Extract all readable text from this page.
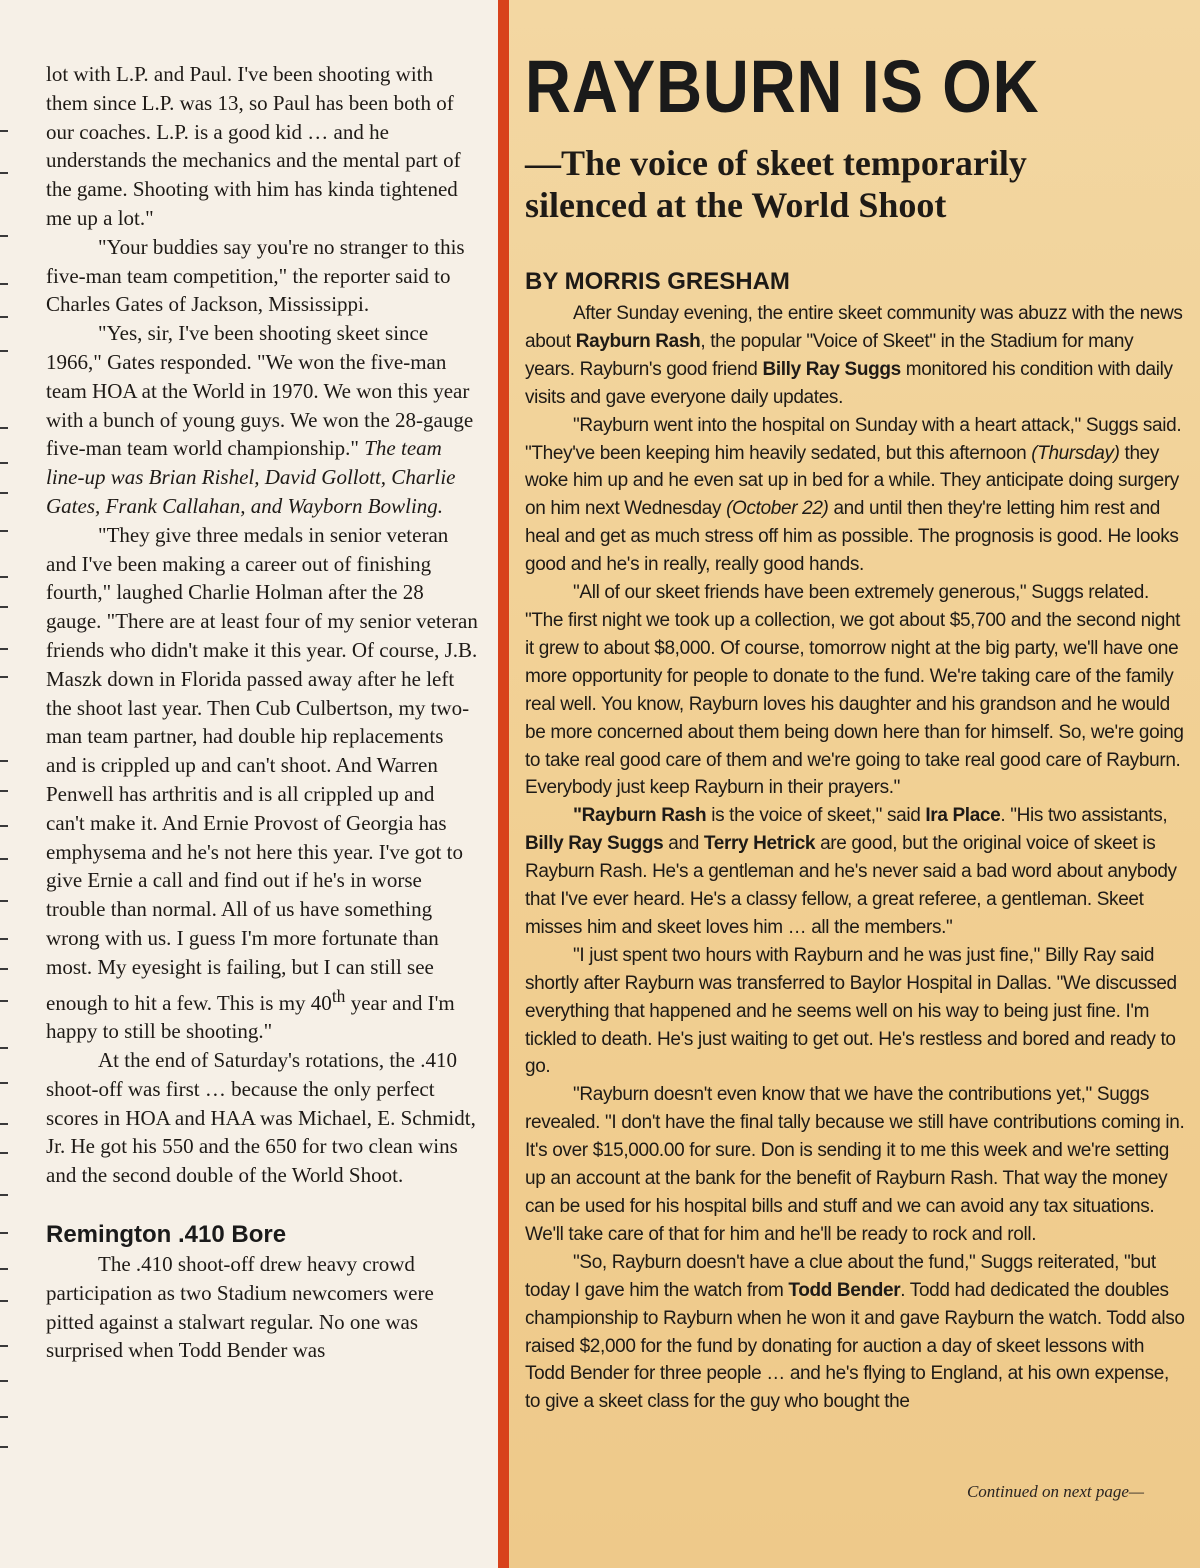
lot with L.P. and Paul. I've been shooting with them since L.P. was 13, so Paul has been both of our coaches. L.P. is a good kid … and he understands the mechanics and the mental part of the game. Shooting with him has kinda tightened me up a lot."

"Your buddies say you're no stranger to this five-man team competition," the reporter said to Charles Gates of Jackson, Mississippi.

"Yes, sir, I've been shooting skeet since 1966," Gates responded. "We won the five-man team HOA at the World in 1970. We won this year with a bunch of young guys. We won the 28-gauge five-man team world championship." The team line-up was Brian Rishel, David Gollott, Charlie Gates, Frank Callahan, and Wayborn Bowling.

"They give three medals in senior veteran and I've been making a career out of finishing fourth," laughed Charlie Holman after the 28 gauge. "There are at least four of my senior veteran friends who didn't make it this year. Of course, J.B. Maszk down in Florida passed away after he left the shoot last year. Then Cub Culbertson, my two-man team partner, had double hip replacements and is crippled up and can't shoot. And Warren Penwell has arthritis and is all crippled up and can't make it. And Ernie Provost of Georgia has emphysema and he's not here this year. I've got to give Ernie a call and find out if he's in worse trouble than normal. All of us have something wrong with us. I guess I'm more fortunate than most. My eyesight is failing, but I can still see enough to hit a few. This is my 40th year and I'm happy to still be shooting."

At the end of Saturday's rotations, the .410 shoot-off was first … because the only perfect scores in HOA and HAA was Michael, E. Schmidt, Jr. He got his 550 and the 650 for two clean wins and the second double of the World Shoot.

Remington .410 Bore

The .410 shoot-off drew heavy crowd participation as two Stadium newcomers were pitted against a stalwart regular. No one was surprised when Todd Bender was

RAYBURN IS OK
—The voice of skeet temporarily silenced at the World Shoot
BY MORRIS GRESHAM

After Sunday evening, the entire skeet community was abuzz with the news about Rayburn Rash, the popular "Voice of Skeet" in the Stadium for many years. Rayburn's good friend Billy Ray Suggs monitored his condition with daily visits and gave everyone daily updates.

"Rayburn went into the hospital on Sunday with a heart attack," Suggs said. "They've been keeping him heavily sedated, but this afternoon (Thursday) they woke him up and he even sat up in bed for a while. They anticipate doing surgery on him next Wednesday (October 22) and until then they're letting him rest and heal and get as much stress off him as possible. The prognosis is good. He looks good and he's in really, really good hands.

"All of our skeet friends have been extremely generous," Suggs related. "The first night we took up a collection, we got about $5,700 and the second night it grew to about $8,000. Of course, tomorrow night at the big party, we'll have one more opportunity for people to donate to the fund. We're taking care of the family real well. You know, Rayburn loves his daughter and his grandson and he would be more concerned about them being down here than for himself. So, we're going to take real good care of them and we're going to take real good care of Rayburn. Everybody just keep Rayburn in their prayers."

"Rayburn Rash is the voice of skeet," said Ira Place. "His two assistants, Billy Ray Suggs and Terry Hetrick are good, but the original voice of skeet is Rayburn Rash. He's a gentleman and he's never said a bad word about anybody that I've ever heard. He's a classy fellow, a great referee, a gentleman. Skeet misses him and skeet loves him … all the members."

"I just spent two hours with Rayburn and he was just fine," Billy Ray said shortly after Rayburn was transferred to Baylor Hospital in Dallas. "We discussed everything that happened and he seems well on his way to being just fine. I'm tickled to death. He's just waiting to get out. He's restless and bored and ready to go.

"Rayburn doesn't even know that we have the contributions yet," Suggs revealed. "I don't have the final tally because we still have contributions coming in. It's over $15,000.00 for sure. Don is sending it to me this week and we're setting up an account at the bank for the benefit of Rayburn Rash. That way the money can be used for his hospital bills and stuff and we can avoid any tax situations. We'll take care of that for him and he'll be ready to rock and roll.

"So, Rayburn doesn't have a clue about the fund," Suggs reiterated, "but today I gave him the watch from Todd Bender. Todd had dedicated the doubles championship to Rayburn when he won it and gave Rayburn the watch. Todd also raised $2,000 for the fund by donating for auction a day of skeet lessons with Todd Bender for three people … and he's flying to England, at his own expense, to give a skeet class for the guy who bought the

Continued on next page—
